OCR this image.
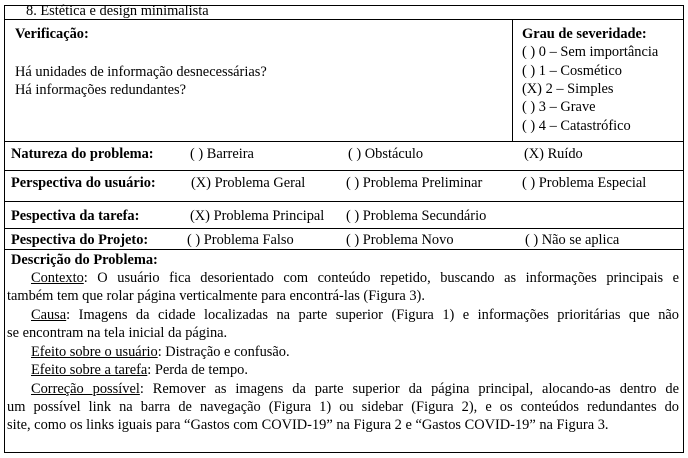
8. Estética e design minimalista
Verificação:
Há unidades de informação desnecessárias?
Há informações redundantes?
Grau de severidade:
( ) 0 – Sem importância
( ) 1 – Cosmético
(X) 2 – Simples
( ) 3 – Grave
( ) 4 – Catastrófico
Natureza do problema:	( ) Barreira	( ) Obstáculo	(X) Ruído
Perspectiva do usuário: (X) Problema Geral	( ) Problema Preliminar	( ) Problema Especial
Pespectiva da tarefa:	(X) Problema Principal ( ) Problema Secundário
Pespectiva do Projeto:	( ) Problema Falso	( ) Problema Novo	( ) Não se aplica
Descrição do Problema:
Contexto: O usuário fica desorientado com conteúdo repetido, buscando as informações principais e
também tem que rolar página verticalmente para encontrá-las (Figura 3).
Causa: Imagens da cidade localizadas na parte superior (Figura 1) e informações prioritárias que não
se encontram na tela inicial da página.
Efeito sobre o usuário: Distração e confusão.
Efeito sobre a tarefa: Perda de tempo.
Correção possível: Remover as imagens da parte superior da página principal, alocando-as dentro de
um possível link na barra de navegação (Figura 1) ou sidebar (Figura 2), e os conteúdos redundantes do
site, como os links iguais para “Gastos com COVID-19” na Figura 2 e “Gastos COVID-19” na Figura 3.
